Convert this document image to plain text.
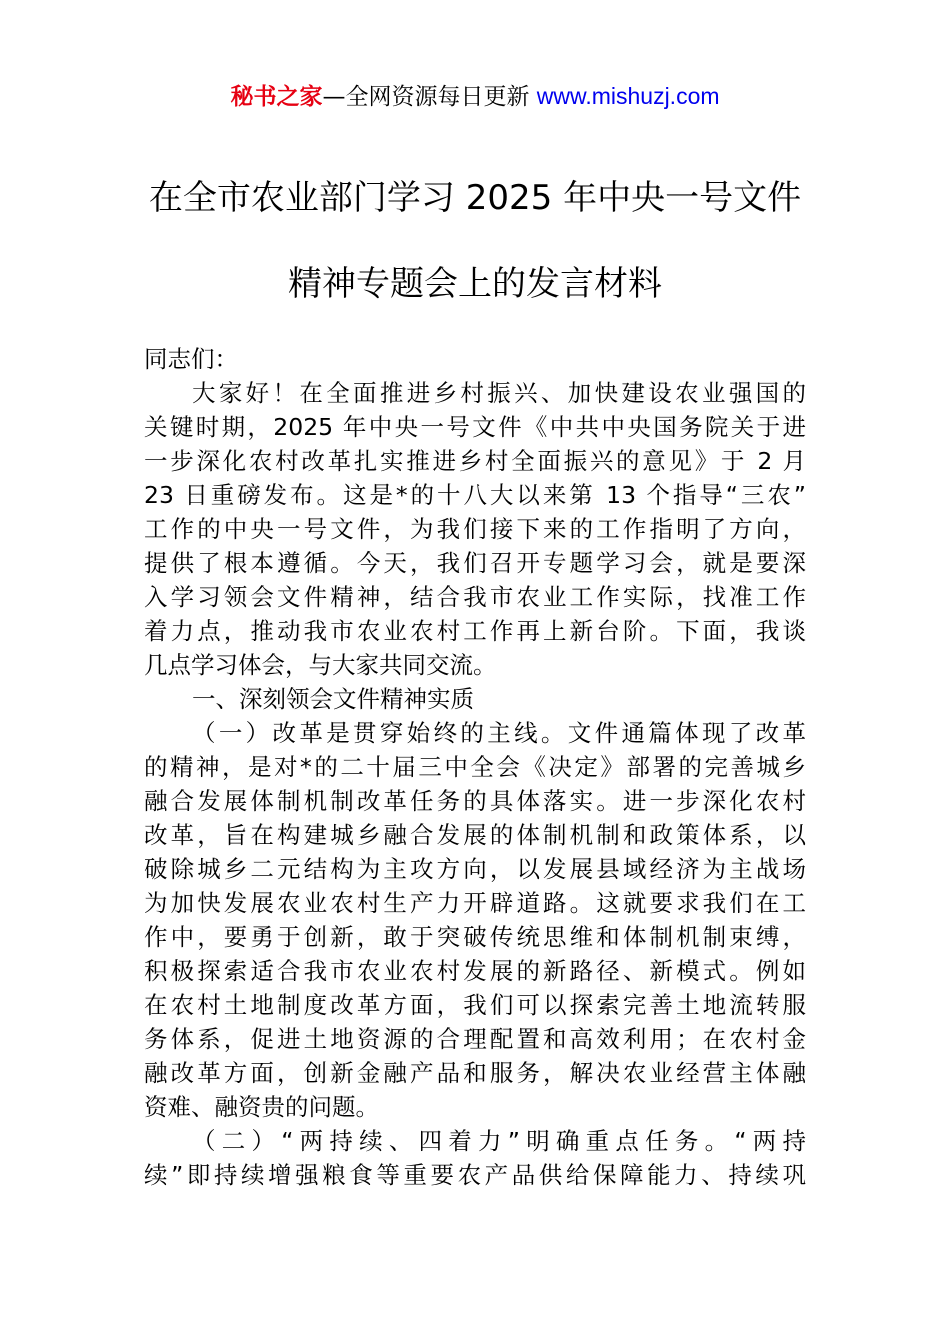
秘书之家—全网资源每日更新 www.mishuzj.com
在全市农业部门学习 2025 年中央一号文件
精神专题会上的发言材料
同志们：
大家好！在全面推进乡村振兴、加快建设农业强国的
关键时期，2025 年中央一号文件《中共中央国务院关于进
一步深化农村改革扎实推进乡村全面振兴的意见》于 2 月
23 日重磅发布。这是*的十八大以来第 13 个指导“三农”
工作的中央一号文件，为我们接下来的工作指明了方向，
提供了根本遵循。今天，我们召开专题学习会，就是要深
入学习领会文件精神，结合我市农业工作实际，找准工作
着力点，推动我市农业农村工作再上新台阶。下面，我谈
几点学习体会，与大家共同交流。
一、深刻领会文件精神实质
（一）改革是贯穿始终的主线。文件通篇体现了改革
的精神，是对*的二十届三中全会《决定》部署的完善城乡
融合发展体制机制改革任务的具体落实。进一步深化农村
改革，旨在构建城乡融合发展的体制机制和政策体系，以
破除城乡二元结构为主攻方向，以发展县域经济为主战场
为加快发展农业农村生产力开辟道路。这就要求我们在工
作中，要勇于创新，敢于突破传统思维和体制机制束缚，
积极探索适合我市农业农村发展的新路径、新模式。例如
在农村土地制度改革方面，我们可以探索完善土地流转服
务体系，促进土地资源的合理配置和高效利用；在农村金
融改革方面，创新金融产品和服务，解决农业经营主体融
资难、融资贵的问题。
（二）“两持续、四着力”明确重点任务。“两持
续”即持续增强粮食等重要农产品供给保障能力、持续巩
